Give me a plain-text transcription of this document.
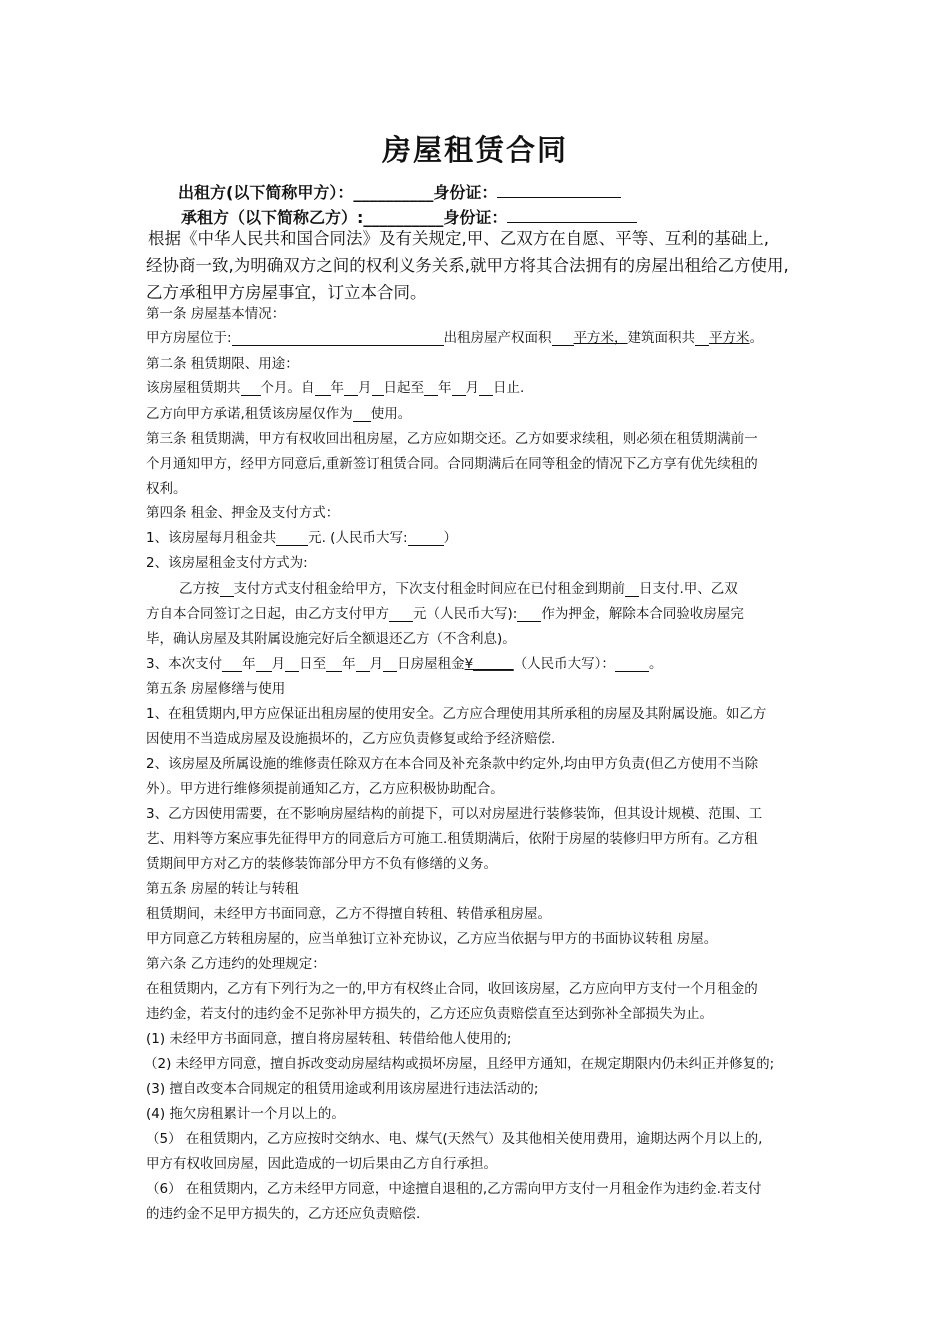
房屋租赁合同
出租方(以下简称甲方）：__________身份证：
承租方（以下简称乙方）:__________身份证：
根据《中华人民共和国合同法》及有关规定,甲、乙双方在自愿、平等、互利的基础上,
经协商一致,为明确双方之间的权利义务关系,就甲方将其合法拥有的房屋出租给乙方使用,
乙方承租甲方房屋事宜，订立本合同。
第一条 房屋基本情况：
甲方房屋位于:	出租房屋产权面积 平方米，建筑面积共 平方米。
第二条 租赁期限、用途：
该房屋租赁期共 个月。自 年 月 日起至 年 月 日止.
乙方向甲方承诺,租赁该房屋仅作为 使用。
第三条 租赁期满，甲方有权收回出租房屋，乙方应如期交还。乙方如要求续租，则必须在租赁期满前一
个月通知甲方，经甲方同意后,重新签订租赁合同。合同期满后在同等租金的情况下乙方享有优先续租的
权利。
第四条 租金、押金及支付方式：
1、该房屋每月租金共 元. (人民币大写:	）
2、该房屋租金支付方式为:
乙方按 支付方式支付租金给甲方，下次支付租金时间应在已付租金到期前 日支付.甲、乙双
方自本合同签订之日起，由乙方支付甲方 元（人民币大写): 作为押金，解除本合同验收房屋完
毕，确认房屋及其附属设施完好后全额退还乙方（不含利息)。
3、本次支付 年 月 日至 年 月 日房屋租金¥______（人民币大写）：	。
第五条 房屋修缮与使用
1、在租赁期内,甲方应保证出租房屋的使用安全。乙方应合理使用其所承租的房屋及其附属设施。如乙方
因使用不当造成房屋及设施损坏的，乙方应负责修复或给予经济赔偿.
2、该房屋及所属设施的维修责任除双方在本合同及补充条款中约定外,均由甲方负责(但乙方使用不当除
外）。甲方进行维修须提前通知乙方，乙方应积极协助配合。
3、乙方因使用需要，在不影响房屋结构的前提下，可以对房屋进行装修装饰，但其设计规模、范围、工
艺、用料等方案应事先征得甲方的同意后方可施工.租赁期满后，依附于房屋的装修归甲方所有。乙方租
赁期间甲方对乙方的装修装饰部分甲方不负有修缮的义务。
第五条 房屋的转让与转租
租赁期间，未经甲方书面同意，乙方不得擅自转租、转借承租房屋。
甲方同意乙方转租房屋的，应当单独订立补充协议，乙方应当依据与甲方的书面协议转租 房屋。
第六条 乙方违约的处理规定：
在租赁期内，乙方有下列行为之一的,甲方有权终止合同，收回该房屋，乙方应向甲方支付一个月租金的
违约金，若支付的违约金不足弥补甲方损失的，乙方还应负责赔偿直至达到弥补全部损失为止。
(1) 未经甲方书面同意，擅自将房屋转租、转借给他人使用的;
（2) 未经甲方同意，擅自拆改变动房屋结构或损坏房屋，且经甲方通知，在规定期限内仍未纠正并修复的;
(3) 擅自改变本合同规定的租赁用途或利用该房屋进行违法活动的;
(4) 拖欠房租累计一个月以上的。
（5） 在租赁期内，乙方应按时交纳水、电、煤气(天然气）及其他相关使用费用，逾期达两个月以上的,
甲方有权收回房屋，因此造成的一切后果由乙方自行承担。
（6） 在租赁期内，乙方未经甲方同意，中途擅自退租的,乙方需向甲方支付一月租金作为违约金.若支付
的违约金不足甲方损失的，乙方还应负责赔偿.
